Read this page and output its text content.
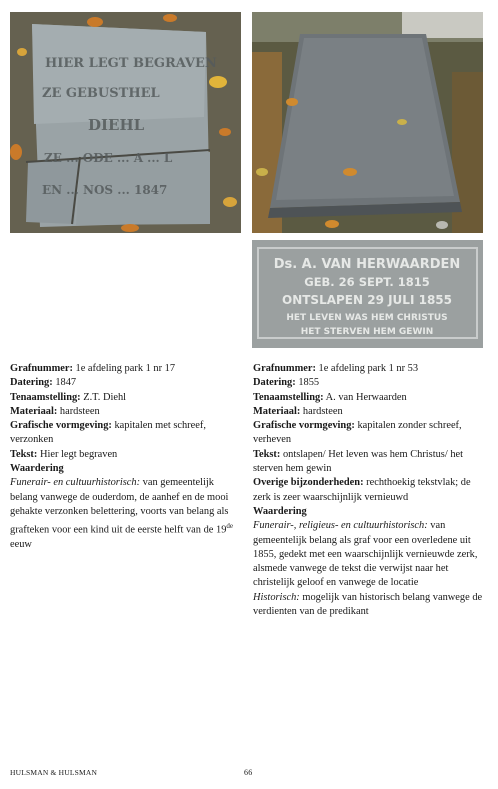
HIER LEGT BEGRAVEN
ZE GEBUSTHEL
DIEHL
ZE ... ODE ... A ... L
EN ... NOS ... 1847
Ds. A. VAN HERWAARDEN
GEB. 26 SEPT. 1815
ONTSLAPEN 29 JULI 1855
HET LEVEN WAS HEM CHRISTUS
HET STERVEN HEM GEWIN

Grafnummer: 1e afdeling park 1 nr 17

Datering: 1847

Tenaamstelling: Z.T. Diehl

Materiaal: hardsteen

Grafische vormgeving: kapitalen met schreef, verzonken

Tekst: Hier legt begraven

Waardering

Funerair- en cultuurhistorisch: van gemeentelijk belang vanwege de ouderdom, de aanhef en de mooi gehakte verzonken belettering, voorts van belang als grafteken voor een kind uit de eerste helft van de 19de eeuw

Grafnummer: 1e afdeling park 1 nr 53

Datering: 1855

Tenaamstelling: A. van Herwaarden

Materiaal: hardsteen

Grafische vormgeving: kapitalen zonder schreef, verheven

Tekst: ontslapen/ Het leven was hem Christus/ het sterven hem gewin

Overige bijzonderheden: rechthoekig tekstvlak; de zerk is zeer waarschijnlijk vernieuwd

Waardering

Funerair-, religieus- en cultuurhistorisch: van gemeentelijk belang als graf voor een overledene uit 1855, gedekt met een waarschijnlijk vernieuwde zerk, alsmede vanwege de tekst die verwijst naar het christelijk geloof en vanwege de locatie

Historisch: mogelijk van historisch belang vanwege de verdienten van de predikant

HULSMAN & HULSMAN	66
